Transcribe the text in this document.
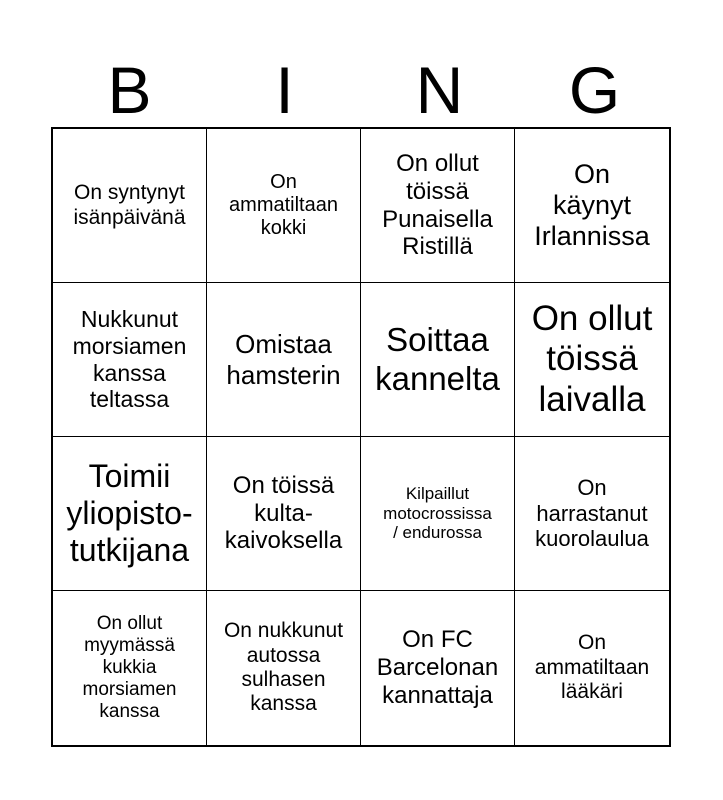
B	I	N	G
On syntynyt
isänpäivänä
On
ammatiltaan
kokki
On ollut
töissä
Punaisella
Ristillä
On
käynyt
Irlannissa
Nukkunut
morsiamen
kanssa
teltassa
Omistaa
hamsterin
Soittaa
kannelta
On ollut
töissä
laivalla
Toimii
yliopisto-
tutkijana
On töissä
kulta-
kaivoksella
Kilpaillut
motocrossissa
/ endurossa
On
harrastanut
kuorolaulua
On ollut
myymässä
kukkia
morsiamen
kanssa
On nukkunut
autossa
sulhasen
kanssa
On FC
Barcelonan
kannattaja
On
ammatiltaan
lääkäri
